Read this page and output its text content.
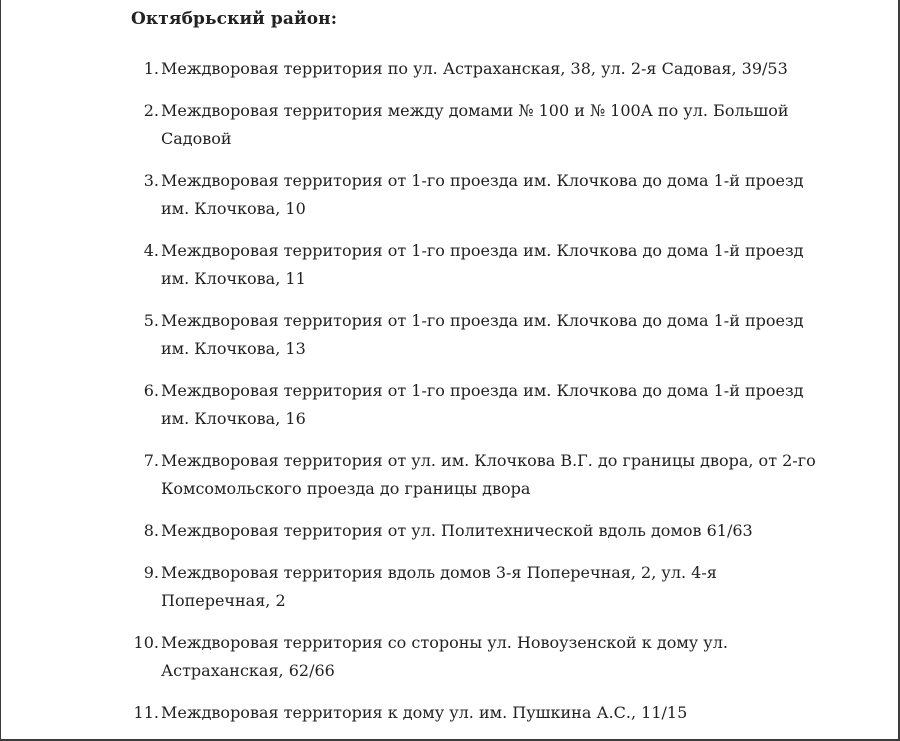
Октябрьский район:
1. Междворовая территория по ул. Астраханская, 38, ул. 2-я Садовая, 39/53
2. Междворовая территория между домами № 100 и № 100А по ул. Большой
Садовой
3. Междворовая территория от 1-го проезда им. Клочкова до дома 1-й проезд
им. Клочкова, 10
4. Междворовая территория от 1-го проезда им. Клочкова до дома 1-й проезд
им. Клочкова, 11
5. Междворовая территория от 1-го проезда им. Клочкова до дома 1-й проезд
им. Клочкова, 13
6. Междворовая территория от 1-го проезда им. Клочкова до дома 1-й проезд
им. Клочкова, 16
7. Междворовая территория от ул. им. Клочкова В.Г. до границы двора, от 2-го
Комсомольского проезда до границы двора
8. Междворовая территория от ул. Политехнической вдоль домов 61/63
9. Междворовая территория вдоль домов 3-я Поперечная, 2, ул. 4-я
Поперечная, 2
10. Междворовая территория со стороны ул. Новоузенской к дому ул.
Астраханская, 62/66
11. Междворовая территория к дому ул. им. Пушкина А.С., 11/15
